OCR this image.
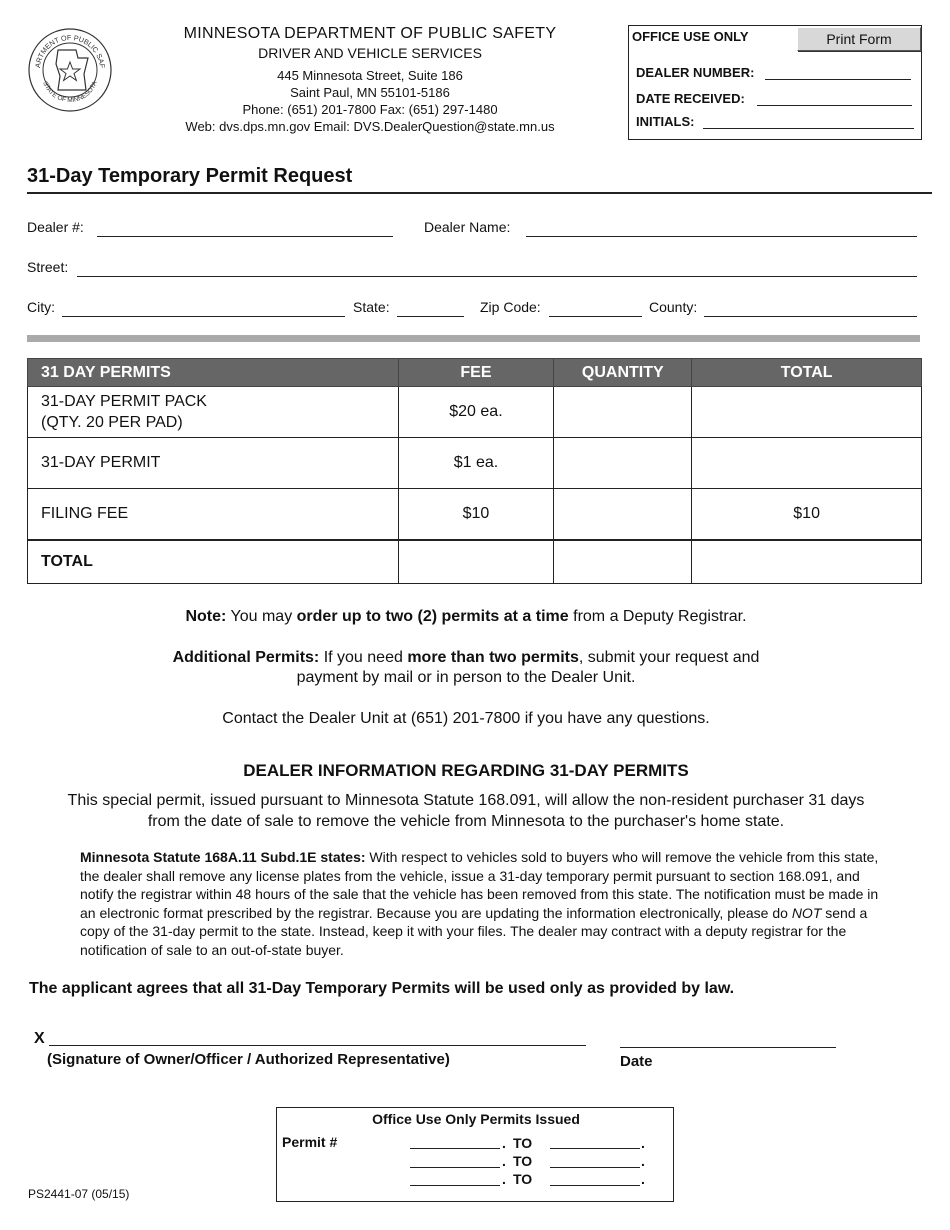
ARTMENT OF PUBLIC SAF
STATE OF MINNESOTA
MINNESOTA DEPARTMENT OF PUBLIC SAFETY
DRIVER AND VEHICLE SERVICES
445 Minnesota Street, Suite 186
Saint Paul, MN 55101-5186
Phone: (651) 201-7800 Fax: (651) 297-1480
Web: dvs.dps.mn.gov Email: DVS.DealerQuestion@state.mn.us
OFFICE USE ONLY	Print Form
DEALER NUMBER:
DATE RECEIVED:
INITIALS:
31-Day Temporary Permit Request
Dealer #:	Dealer Name:
Street:
City:	State:	Zip Code:	County:
31 DAY PERMITS	FEE	QUANTITY	TOTAL

31-DAY PERMIT PACK
(QTY. 20 PER PAD)	$20 ea.		
31-DAY PERMIT	$1 ea.		
FILING FEE	$10		$10
TOTAL			
Note: You may order up to two (2) permits at a time from a Deputy Registrar.
Additional Permits: If you need more than two permits, submit your request and
payment by mail or in person to the Dealer Unit.
Contact the Dealer Unit at (651) 201-7800 if you have any questions.
DEALER INFORMATION REGARDING 31-DAY PERMITS
This special permit, issued pursuant to Minnesota Statute 168.091, will allow the non-resident purchaser 31 days from the date of sale to remove the vehicle from Minnesota to the purchaser's home state.
Minnesota Statute 168A.11 Subd.1E states: With respect to vehicles sold to buyers who will remove the vehicle from this state, the dealer shall remove any license plates from the vehicle, issue a 31-day temporary permit pursuant to section 168.091, and notify the registrar within 48 hours of the sale that the vehicle has been removed from this state. The notification must be made in an electronic format prescribed by the registrar. Because you are updating the information electronically, please do NOT send a copy of the 31-day permit to the state. Instead, keep it with your files. The dealer may contract with a deputy registrar for the notification of sale to an out-of-state buyer.
The applicant agrees that all 31-Day Temporary Permits will be used only as provided by law.
X
(Signature of Owner/Officer / Authorized Representative)	Date
Office Use Only Permits Issued
Permit #	. TO	.
. TO	.
. TO	.
PS2441-07 (05/15)
